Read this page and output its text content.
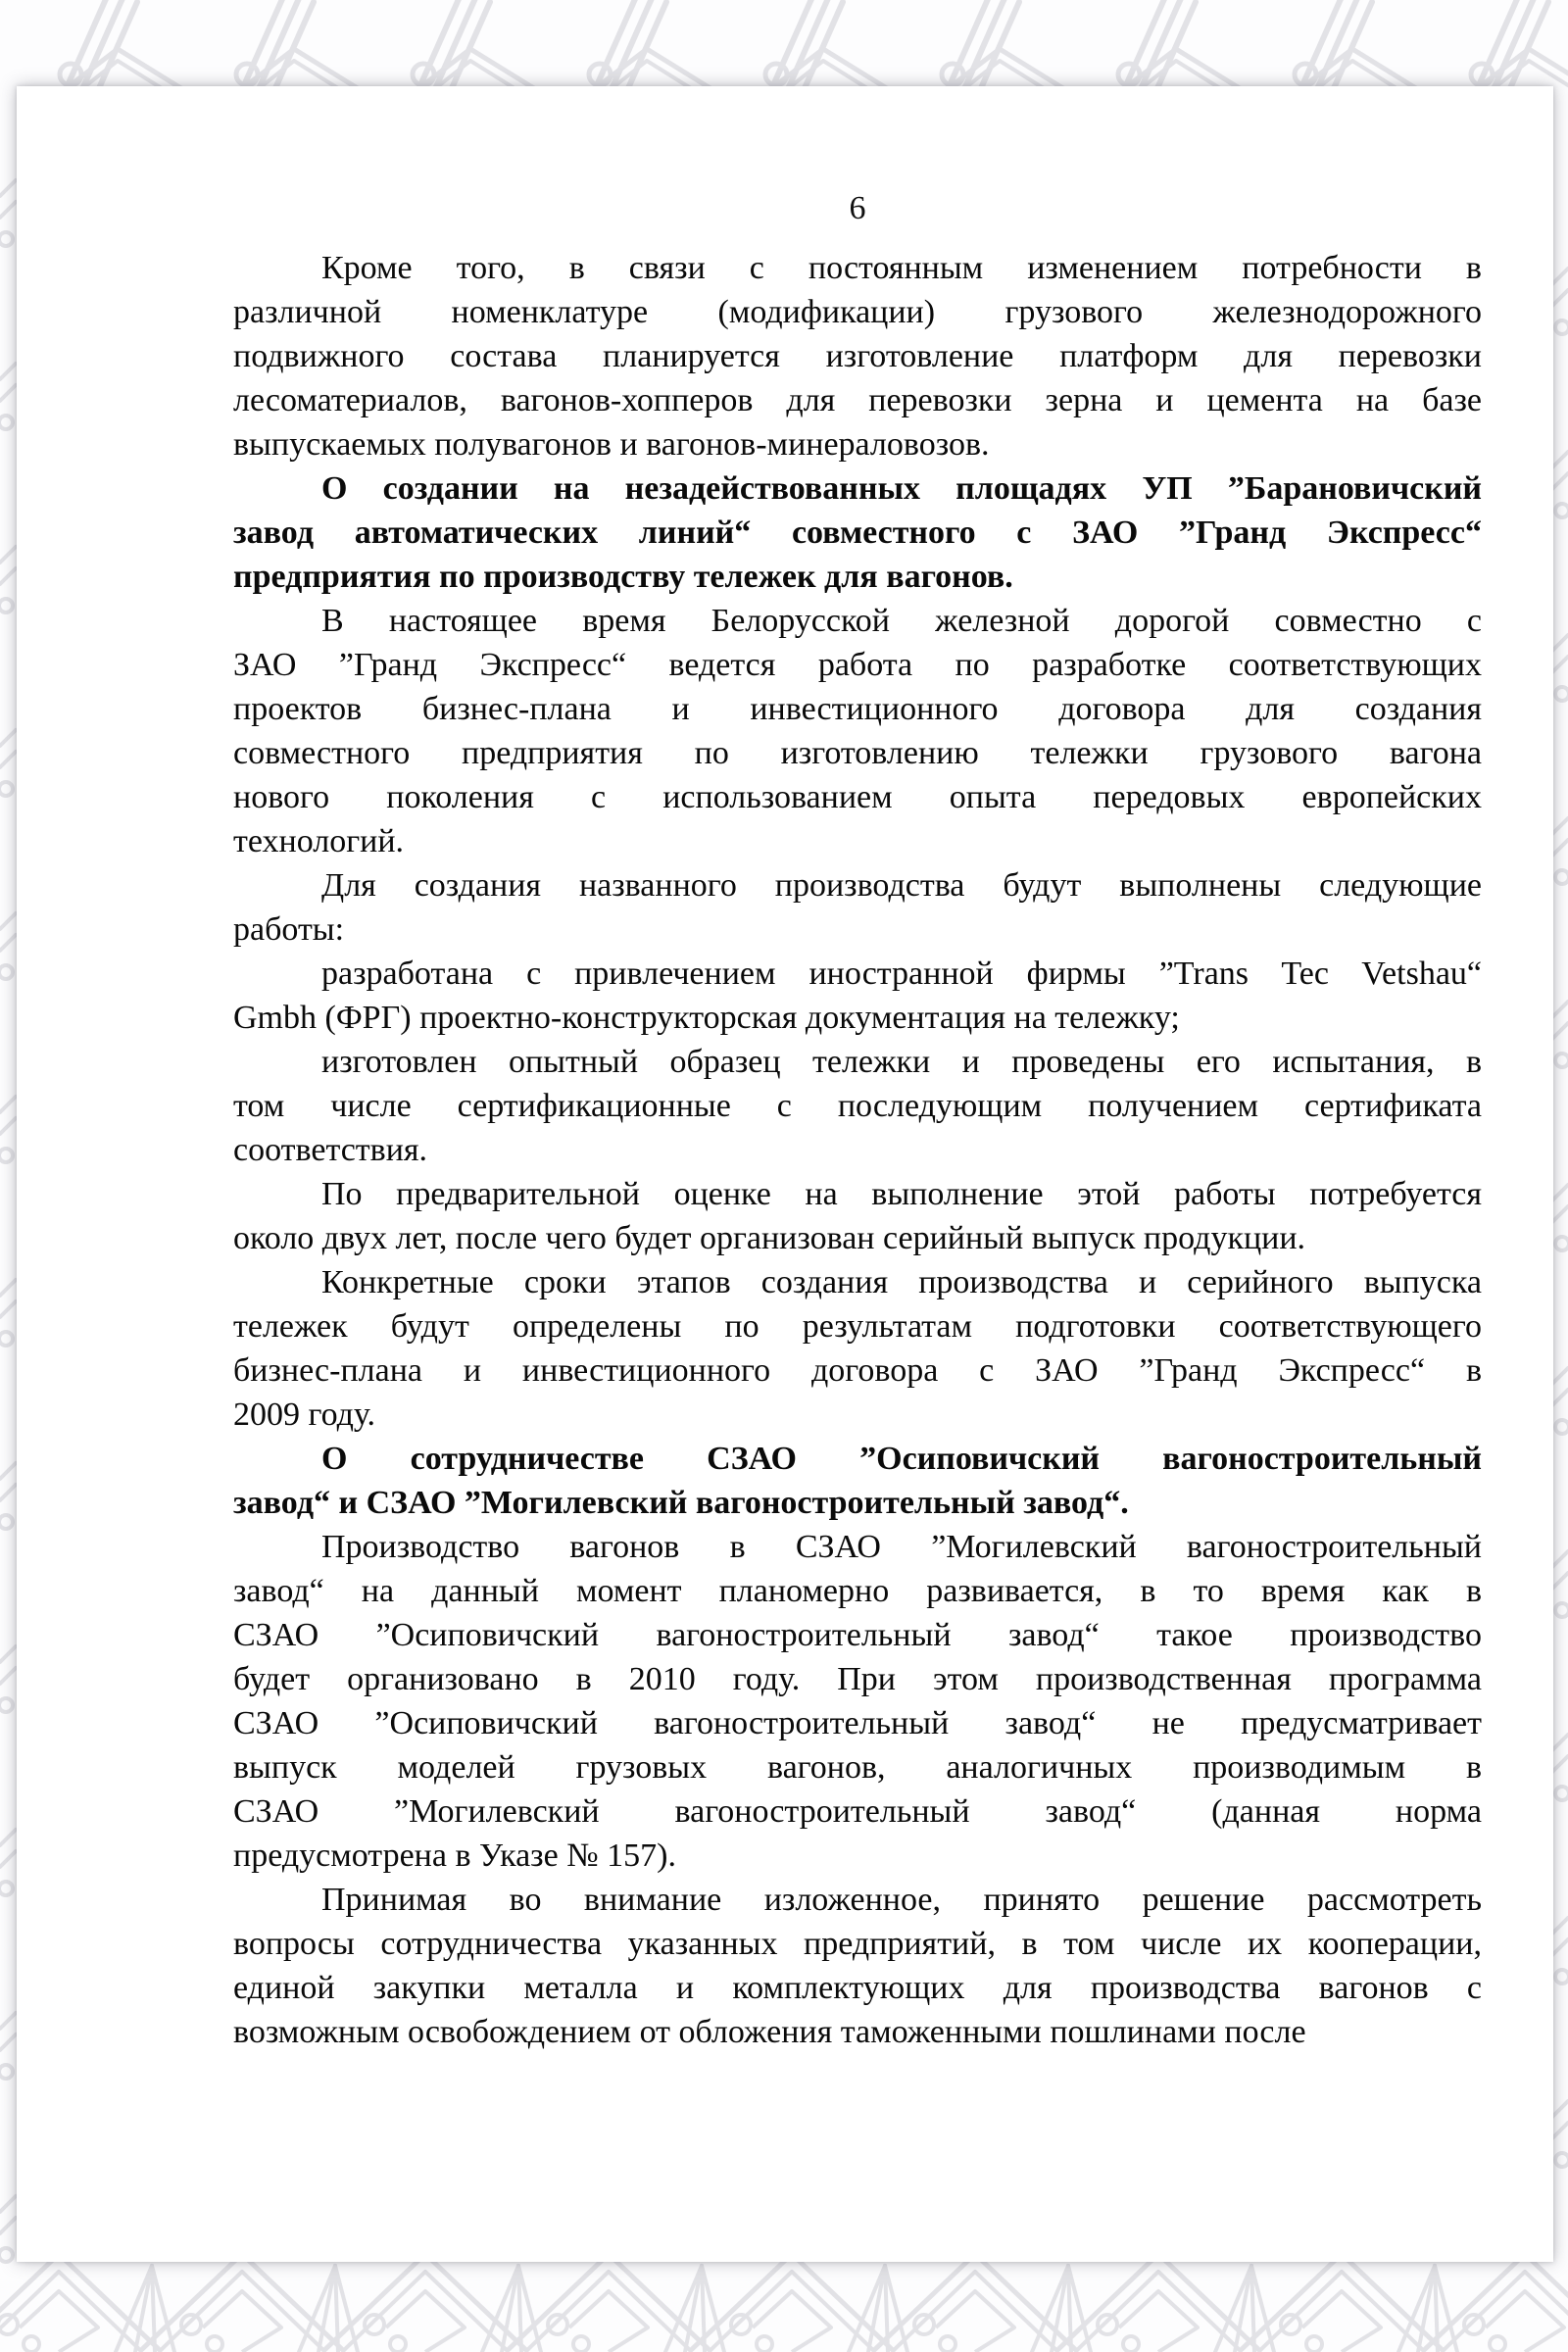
6
Кроме того, в связи с постоянным изменением потребности в
различной номенклатуре (модификации) грузового железнодорожного
подвижного состава планируется изготовление платформ для перевозки
лесоматериалов, вагонов-хопперов для перевозки зерна и цемента на базе
выпускаемых полувагонов и вагонов-минераловозов.
О создании на незадействованных площадях УП ”Барановичский
завод автоматических линий“ совместного с ЗАО ”Гранд Экспресс“
предприятия по производству тележек для вагонов.
В настоящее время Белорусской железной дорогой совместно с
ЗАО ”Гранд Экспресс“ ведется работа по разработке соответствующих
проектов бизнес-плана и инвестиционного договора для создания
совместного предприятия по изготовлению тележки грузового вагона
нового поколения с использованием опыта передовых европейских
технологий.
Для создания названного производства будут выполнены следующие
работы:
разработана с привлечением иностранной фирмы ”Trans Tec Vetshau“
Gmbh (ФРГ) проектно-конструкторская документация на тележку;
изготовлен опытный образец тележки и проведены его испытания, в
том числе сертификационные с последующим получением сертификата
соответствия.
По предварительной оценке на выполнение этой работы потребуется
около двух лет, после чего будет организован серийный выпуск продукции.
Конкретные сроки этапов создания производства и серийного выпуска
тележек будут определены по результатам подготовки соответствующего
бизнес-плана и инвестиционного договора с ЗАО ”Гранд Экспресс“ в
2009 году.
О сотрудничестве СЗАО ”Осиповичский вагоностроительный
завод“ и СЗАО ”Могилевский вагоностроительный завод“.
Производство вагонов в СЗАО ”Могилевский вагоностроительный
завод“ на данный момент планомерно развивается, в то время как в
СЗАО ”Осиповичский вагоностроительный завод“ такое производство
будет организовано в 2010 году. При этом производственная программа
СЗАО ”Осиповичский вагоностроительный завод“ не предусматривает
выпуск моделей грузовых вагонов, аналогичных производимым в
СЗАО ”Могилевский вагоностроительный завод“ (данная норма
предусмотрена в Указе № 157).
Принимая во внимание изложенное, принято решение рассмотреть
вопросы сотрудничества указанных предприятий, в том числе их кооперации,
единой закупки металла и комплектующих для производства вагонов с
возможным освобождением от обложения таможенными пошлинами после
